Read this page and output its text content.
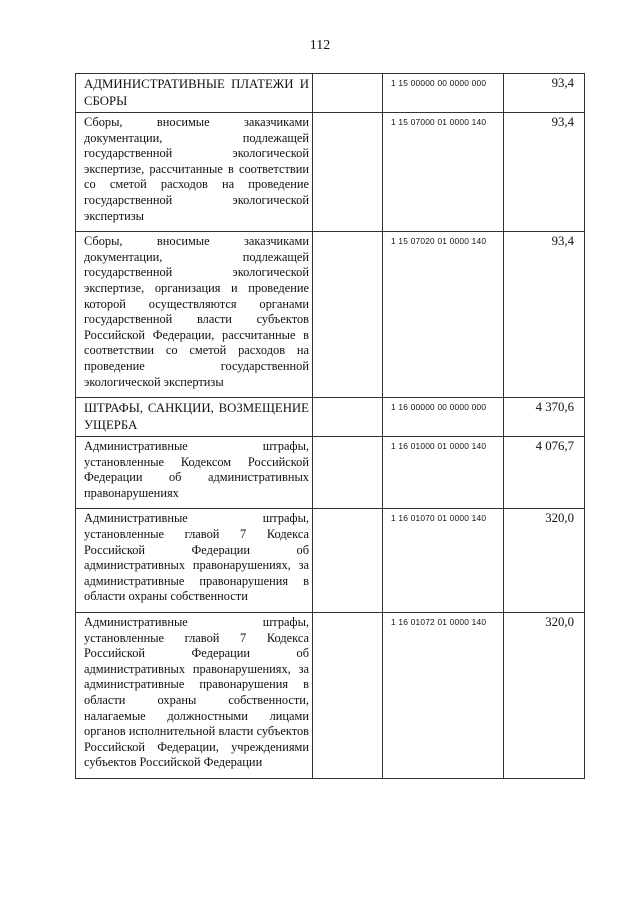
112
АДМИНИСТРАТИВНЫЕ ПЛАТЕЖИ И СБОРЫ		1 15 00000 00 0000 000	93,4

Сборы, вносимые заказчиками документации, подлежащей государственной экологической экспертизе, рассчитанные в соответствии со сметой расходов на проведение государственной экологической экспертизы		1 15 07000 01 0000 140	93,4

Сборы, вносимые заказчиками документации, подлежащей государственной экологической экспертизе, организация и проведение которой осуществляются органами государственной власти субъектов Российской Федерации, рассчитанные в соответствии со сметой расходов на проведение государственной экологической экспертизы		1 15 07020 01 0000 140	93,4

ШТРАФЫ, САНКЦИИ, ВОЗМЕЩЕНИЕ УЩЕРБА		1 16 00000 00 0000 000	4 370,6

Административные штрафы, установленные Кодексом Российской Федерации об административных правонарушениях		1 16 01000 01 0000 140	4 076,7

Административные штрафы, установленные главой 7 Кодекса Российской Федерации об административных правонарушениях, за административные правонарушения в области охраны собственности		1 16 01070 01 0000 140	320,0

Административные штрафы, установленные главой 7 Кодекса Российской Федерации об административных правонарушениях, за административные правонарушения в области охраны собственности, налагаемые должностными лицами органов исполнительной власти субъектов Российской Федерации, учреждениями субъектов Российской Федерации		1 16 01072 01 0000 140	320,0
